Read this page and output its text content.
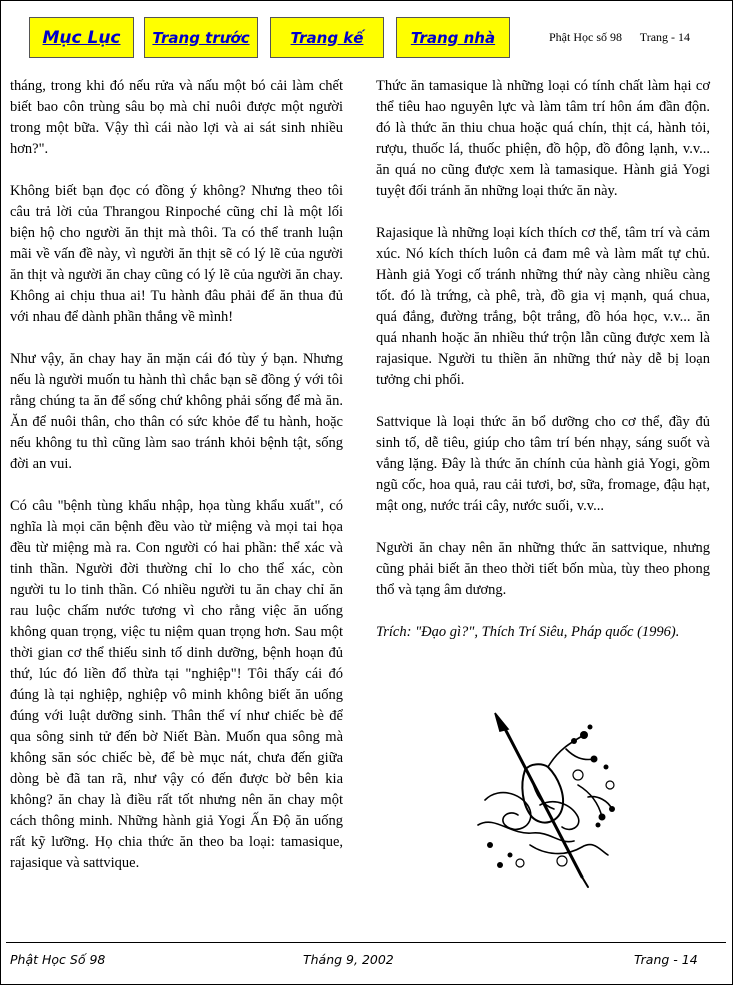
Mục Lục	Trang trước	Trang kế	Trang nhà	Phật Học số 98 Trang - 14

tháng, trong khi đó nếu rửa và nấu một bó cải làm chết biết bao côn trùng sâu bọ mà chỉ nuôi được một người trong một bữa. Vậy thì cái nào lợi và ai sát sinh nhiều hơn?".

Không biết bạn đọc có đồng ý không? Nhưng theo tôi câu trả lời của Thrangou Rinpoché cũng chỉ là một lối biện hộ cho người ăn thịt mà thôi. Ta có thể tranh luận mãi về vấn đề này, vì người ăn thịt sẽ có lý lẽ của người ăn thịt và người ăn chay cũng có lý lẽ của người ăn chay. Không ai chịu thua ai! Tu hành đâu phải để ăn thua đủ với nhau để dành phần thắng về mình!

Như vậy, ăn chay hay ăn mặn cái đó tùy ý bạn. Nhưng nếu là người muốn tu hành thì chắc bạn sẽ đồng ý với tôi rằng chúng ta ăn để sống chứ không phải sống để mà ăn. Ăn để nuôi thân, cho thân có sức khỏe để tu hành, hoặc nếu không tu thì cũng làm sao tránh khỏi bệnh tật, sống đời an vui.

Có câu "bệnh tùng khẩu nhập, họa tùng khẩu xuất", có nghĩa là mọi căn bệnh đều vào từ miệng và mọi tai họa đều từ miệng mà ra. Con người có hai phần: thể xác và tinh thần. Người đời thường chỉ lo cho thể xác, còn người tu lo tinh thần. Có nhiều người tu ăn chay chỉ ăn rau luộc chấm nước tương vì cho rằng việc ăn uống không quan trọng, việc tu niệm quan trọng hơn. Sau một thời gian cơ thể thiếu sinh tố dinh dưỡng, bệnh hoạn đủ thứ, lúc đó liền đổ thừa tại "nghiệp"! Tôi thấy cái đó đúng là tại nghiệp, nghiệp vô minh không biết ăn uống đúng với luật dưỡng sinh. Thân thể ví như chiếc bè để qua sông sinh tử đến bờ Niết Bàn. Muốn qua sông mà không săn sóc chiếc bè, để bè mục nát, chưa đến giữa dòng bè đã tan rã, như vậy có đến được bờ bên kia không? ăn chay là điều rất tốt nhưng nên ăn chay một cách thông minh. Những hành giả Yogi Ấn Độ ăn uống rất kỹ lưỡng. Họ chia thức ăn theo ba loại: tamasique, rajasique và sattvique.

Thức ăn tamasique là những loại có tính chất làm hại cơ thể tiêu hao nguyên lực và làm tâm trí hôn ám đần độn. đó là thức ăn thiu chua hoặc quá chín, thịt cá, hành tỏi, rượu, thuốc lá, thuốc phiện, đồ hộp, đồ đông lạnh, v.v... ăn quá no cũng được xem là tamasique. Hành giả Yogi tuyệt đối tránh ăn những loại thức ăn này.

Rajasique là những loại kích thích cơ thể, tâm trí và cảm xúc. Nó kích thích luôn cả đam mê và làm mất tự chủ. Hành giả Yogi cố tránh những thứ này càng nhiều càng tốt. đó là trứng, cà phê, trà, đồ gia vị mạnh, quá chua, quá đắng, đường trắng, bột trắng, đồ hóa học, v.v... ăn quá nhanh hoặc ăn nhiều thứ trộn lẫn cũng được xem là rajasique. Người tu thiền ăn những thứ này dễ bị loạn tưởng chi phối.

Sattvique là loại thức ăn bổ dưỡng cho cơ thể, đầy đủ sinh tố, dễ tiêu, giúp cho tâm trí bén nhạy, sáng suốt và vắng lặng. Đây là thức ăn chính của hành giả Yogi, gồm ngũ cốc, hoa quả, rau cải tươi, bơ, sữa, fromage, đậu hạt, mật ong, nước trái cây, nước suối, v.v...

Người ăn chay nên ăn những thức ăn sattvique, nhưng cũng phải biết ăn theo thời tiết bốn mùa, tùy theo phong thổ và tạng âm dương.

Trích: "Đạo gì?", Thích Trí Siêu, Pháp quốc (1996).

Phật Học Số 98	Tháng 9, 2002	Trang - 14
